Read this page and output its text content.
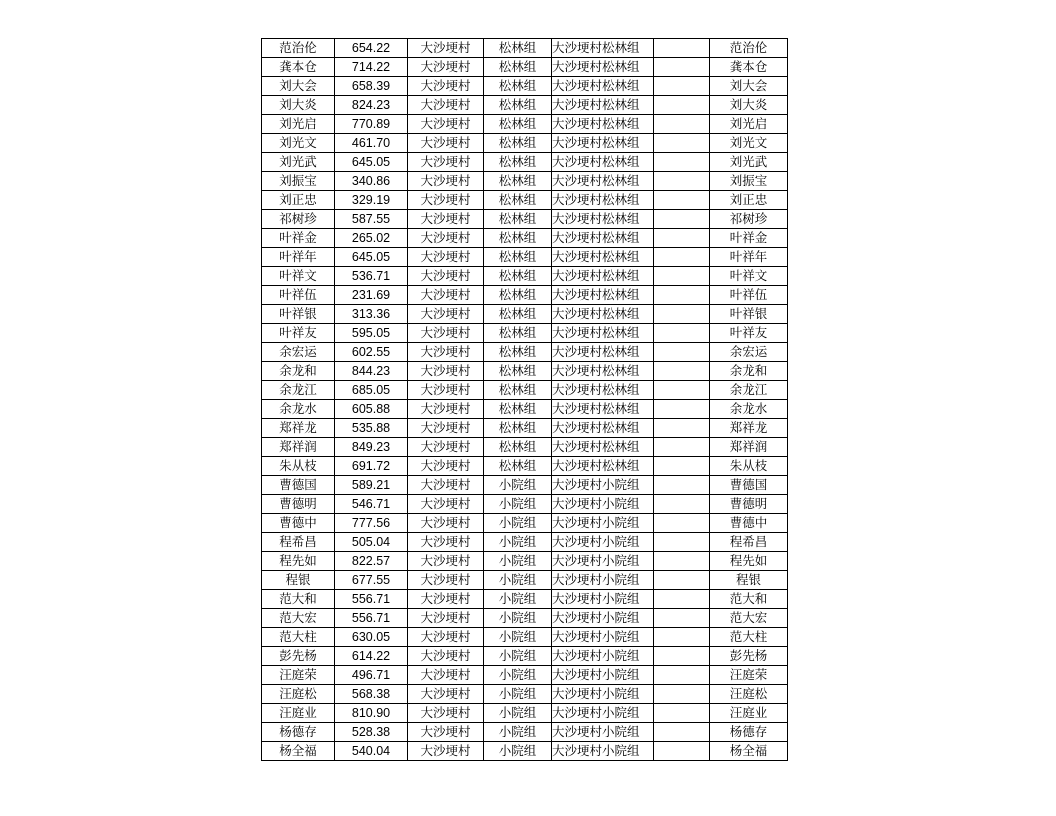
范治伦	654.22	大沙埂村	松林组	大沙埂村松林组		范治伦
龚本仓	714.22	大沙埂村	松林组	大沙埂村松林组		龚本仓
刘大会	658.39	大沙埂村	松林组	大沙埂村松林组		刘大会
刘大炎	824.23	大沙埂村	松林组	大沙埂村松林组		刘大炎
刘光启	770.89	大沙埂村	松林组	大沙埂村松林组		刘光启
刘光文	461.70	大沙埂村	松林组	大沙埂村松林组		刘光文
刘光武	645.05	大沙埂村	松林组	大沙埂村松林组		刘光武
刘振宝	340.86	大沙埂村	松林组	大沙埂村松林组		刘振宝
刘正忠	329.19	大沙埂村	松林组	大沙埂村松林组		刘正忠
祁树珍	587.55	大沙埂村	松林组	大沙埂村松林组		祁树珍
叶祥金	265.02	大沙埂村	松林组	大沙埂村松林组		叶祥金
叶祥年	645.05	大沙埂村	松林组	大沙埂村松林组		叶祥年
叶祥文	536.71	大沙埂村	松林组	大沙埂村松林组		叶祥文
叶祥伍	231.69	大沙埂村	松林组	大沙埂村松林组		叶祥伍
叶祥银	313.36	大沙埂村	松林组	大沙埂村松林组		叶祥银
叶祥友	595.05	大沙埂村	松林组	大沙埂村松林组		叶祥友
余宏运	602.55	大沙埂村	松林组	大沙埂村松林组		余宏运
余龙和	844.23	大沙埂村	松林组	大沙埂村松林组		余龙和
余龙江	685.05	大沙埂村	松林组	大沙埂村松林组		余龙江
余龙水	605.88	大沙埂村	松林组	大沙埂村松林组		余龙水
郑祥龙	535.88	大沙埂村	松林组	大沙埂村松林组		郑祥龙
郑祥润	849.23	大沙埂村	松林组	大沙埂村松林组		郑祥润
朱从枝	691.72	大沙埂村	松林组	大沙埂村松林组		朱从枝
曹德国	589.21	大沙埂村	小院组	大沙埂村小院组		曹德国
曹德明	546.71	大沙埂村	小院组	大沙埂村小院组		曹德明
曹德中	777.56	大沙埂村	小院组	大沙埂村小院组		曹德中
程希昌	505.04	大沙埂村	小院组	大沙埂村小院组		程希昌
程先如	822.57	大沙埂村	小院组	大沙埂村小院组		程先如
程银	677.55	大沙埂村	小院组	大沙埂村小院组		程银
范大和	556.71	大沙埂村	小院组	大沙埂村小院组		范大和
范大宏	556.71	大沙埂村	小院组	大沙埂村小院组		范大宏
范大柱	630.05	大沙埂村	小院组	大沙埂村小院组		范大柱
彭先杨	614.22	大沙埂村	小院组	大沙埂村小院组		彭先杨
汪庭荣	496.71	大沙埂村	小院组	大沙埂村小院组		汪庭荣
汪庭松	568.38	大沙埂村	小院组	大沙埂村小院组		汪庭松
汪庭业	810.90	大沙埂村	小院组	大沙埂村小院组		汪庭业
杨德存	528.38	大沙埂村	小院组	大沙埂村小院组		杨德存
杨全福	540.04	大沙埂村	小院组	大沙埂村小院组		杨全福
